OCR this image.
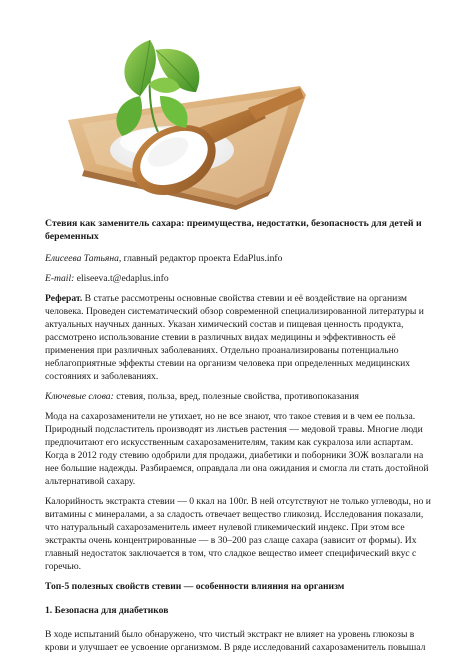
Стевия как заменитель сахара: преимущества, недостатки, безопасность для детей и беременных

Елисеева Татьяна, главный редактор проекта EdaPlus.info

E-mail: eliseeva.t@edaplus.info

Реферат. В статье рассмотрены основные свойства стевии и её воздействие на организм человека. Проведен систематический обзор современной специализированной литературы и актуальных научных данных. Указан химический состав и пищевая ценность продукта, рассмотрено использование стевии в различных видах медицины и эффективность её применения при различных заболеваниях. Отдельно проанализированы потенциально неблагоприятные эффекты стевии на организм человека при определенных медицинских состояниях и заболеваниях.

Ключевые слова: стевия, польза, вред, полезные свойства, противопоказания

Мода на сахарозаменители не утихает, но не все знают, что такое стевия и в чем ее польза. Природный подсластитель производят из листьев растения — медовой травы. Многие люди предпочитают его искусственным сахарозаменителям, таким как сукралоза или аспартам. Когда в 2012 году стевию одобрили для продажи, диабетики и поборники ЗОЖ возлагали на нее большие надежды. Разбираемся, оправдала ли она ожидания и смогла ли стать достойной альтернативой сахару.

Калорийность экстракта стевии — 0 ккал на 100г. В ней отсутствуют не только углеводы, но и витамины с минералами, а за сладость отвечает вещество гликозид. Исследования показали, что натуральный сахарозаменитель имеет нулевой гликемический индекс. При этом все экстракты очень концентрированные — в 30–200 раз слаще сахара (зависит от формы). Их главный недостаток заключается в том, что сладкое вещество имеет специфический вкус с горечью.

Топ-5 полезных свойств стевии — особенности влияния на организм

1. Безопасна для диабетиков

В ходе испытаний было обнаружено, что чистый экстракт не влияет на уровень глюкозы в крови и улучшает ее усвоение организмом. В ряде исследований сахарозаменитель повышал
